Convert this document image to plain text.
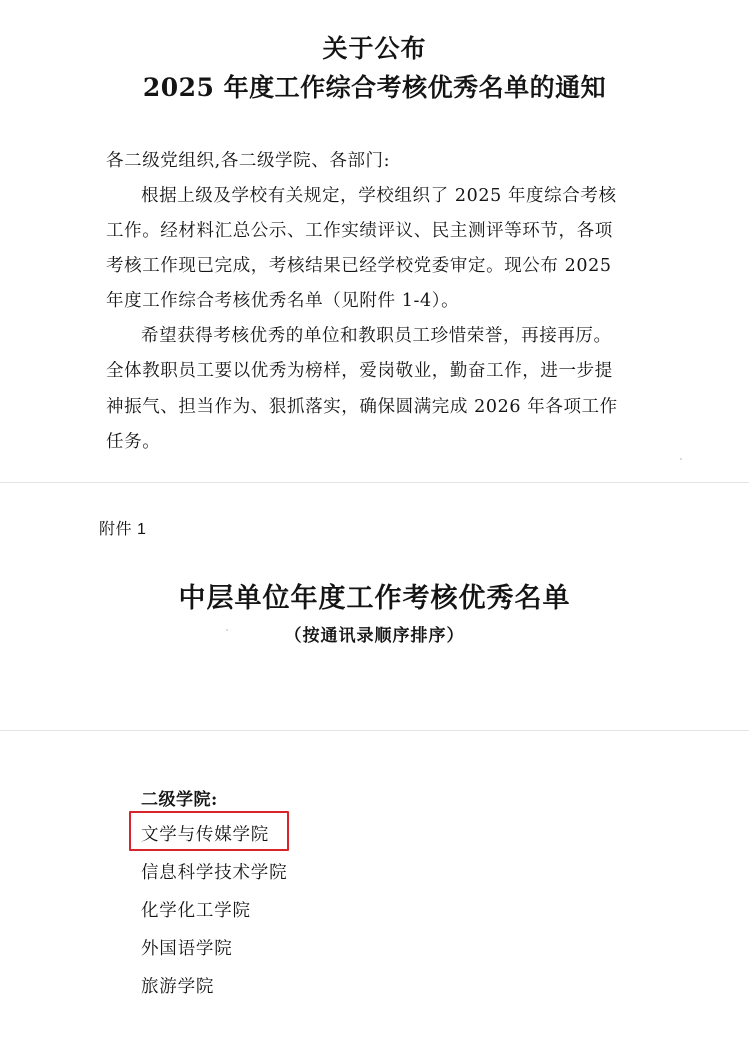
关于公布
2025 年度工作综合考核优秀名单的通知
各二级党组织,各二级学院、各部门:
根据上级及学校有关规定，学校组织了 2025 年度综合考核
工作。经材料汇总公示、工作实绩评议、民主测评等环节，各项
考核工作现已完成，考核结果已经学校党委审定。现公布 2025
年度工作综合考核优秀名单（见附件 1-4）。
希望获得考核优秀的单位和教职员工珍惜荣誉，再接再厉。
全体教职员工要以优秀为榜样，爱岗敬业，勤奋工作，进一步提
神振气、担当作为、狠抓落实，确保圆满完成 2026 年各项工作
任务。
附件 1
中层单位年度工作考核优秀名单
（按通讯录顺序排序）
二级学院:
文学与传媒学院
信息科学技术学院
化学化工学院
外国语学院
旅游学院
